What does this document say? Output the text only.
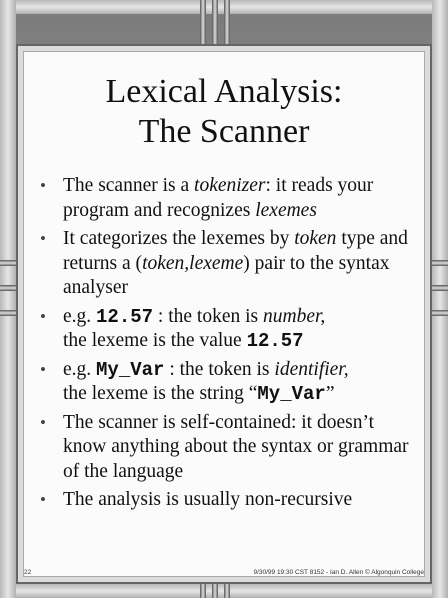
Lexical Analysis:
The Scanner
• The scanner is a tokenizer: it reads your program and recognizes lexemes
• It categorizes the lexemes by token type and returns a (token,lexeme) pair to the syntax analyser
• e.g. 12.57 : the token is number,
the lexeme is the value 12.57
• e.g. My_Var : the token is identifier,
the lexeme is the string “My_Var”
• The scanner is self-contained: it doesn’t know anything about the syntax or grammar of the language
• The analysis is usually non-recursive
22	9/30/99 19:30 CST 8152 - Ian D. Allen © Algonquin College
